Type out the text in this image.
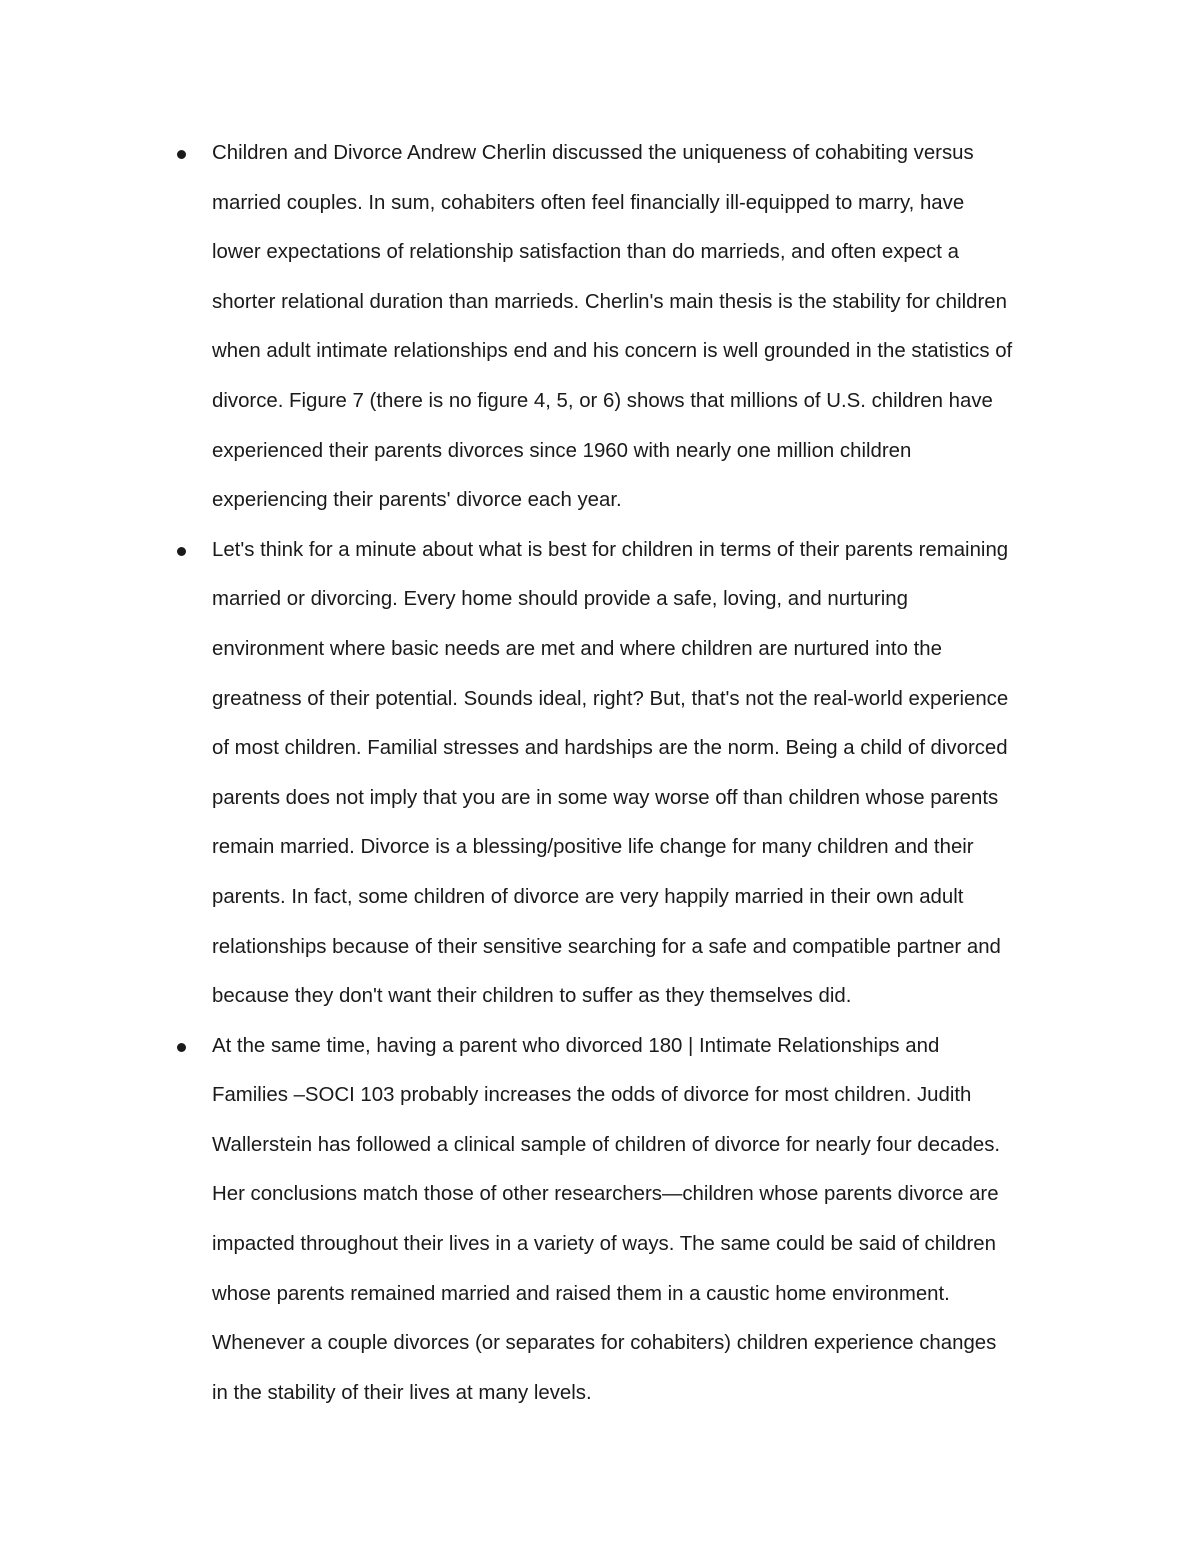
Children and Divorce Andrew Cherlin discussed the uniqueness of cohabiting versus
married couples. In sum, cohabiters often feel financially ill-equipped to marry, have
lower expectations of relationship satisfaction than do marrieds, and often expect a
shorter relational duration than marrieds. Cherlin's main thesis is the stability for children
when adult intimate relationships end and his concern is well grounded in the statistics of
divorce. Figure 7 (there is no figure 4, 5, or 6) shows that millions of U.S. children have
experienced their parents divorces since 1960 with nearly one million children
experiencing their parents' divorce each year.
Let's think for a minute about what is best for children in terms of their parents remaining
married or divorcing. Every home should provide a safe, loving, and nurturing
environment where basic needs are met and where children are nurtured into the
greatness of their potential. Sounds ideal, right? But, that's not the real-world experience
of most children. Familial stresses and hardships are the norm. Being a child of divorced
parents does not imply that you are in some way worse off than children whose parents
remain married. Divorce is a blessing/positive life change for many children and their
parents. In fact, some children of divorce are very happily married in their own adult
relationships because of their sensitive searching for a safe and compatible partner and
because they don't want their children to suffer as they themselves did.
At the same time, having a parent who divorced 180 | Intimate Relationships and
Families –SOCI 103 probably increases the odds of divorce for most children. Judith
Wallerstein has followed a clinical sample of children of divorce for nearly four decades.
Her conclusions match those of other researchers—children whose parents divorce are
impacted throughout their lives in a variety of ways. The same could be said of children
whose parents remained married and raised them in a caustic home environment.
Whenever a couple divorces (or separates for cohabiters) children experience changes
in the stability of their lives at many levels.
